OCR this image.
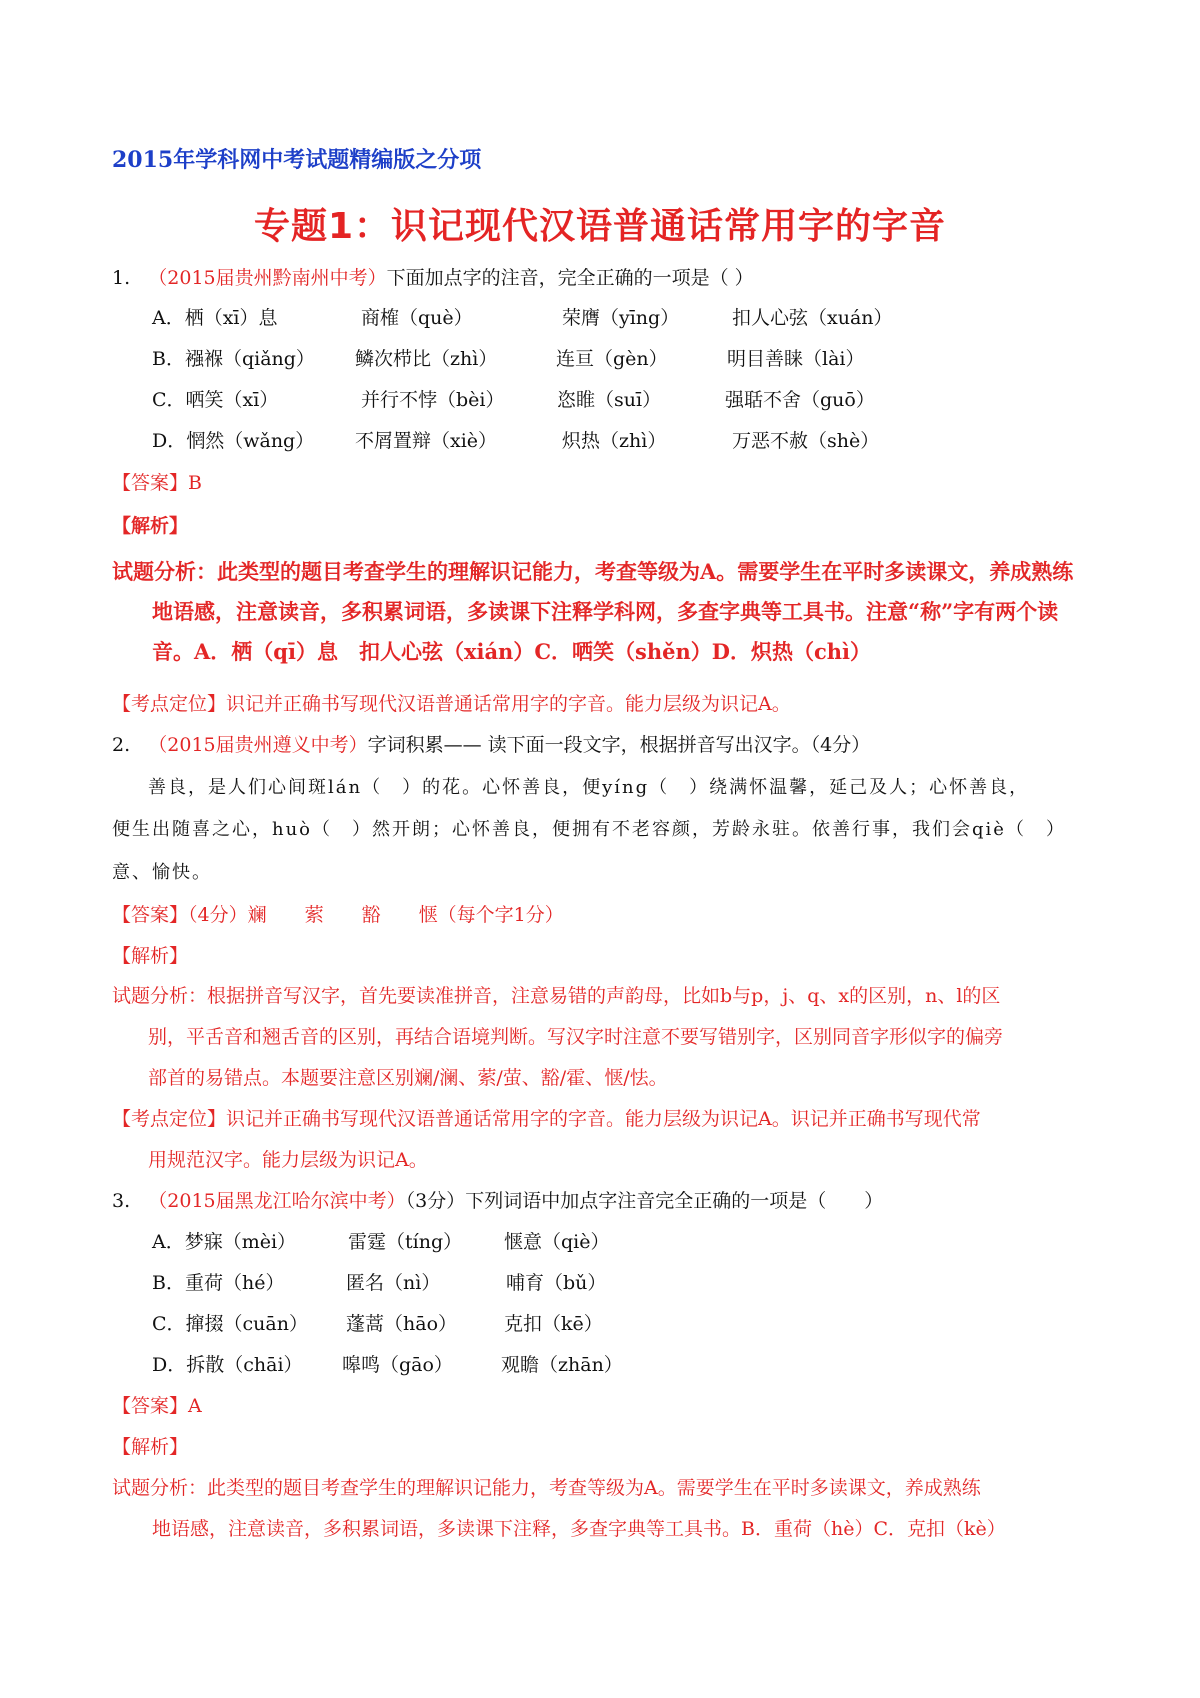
2015年学科网中考试题精编版之分项
专题1：识记现代汉语普通话常用字的字音
1. （2015届贵州黔南州中考）下面加点字的注音，完全正确的一项是（ ）
A．栖（xī）息	商榷（què）	荣膺（yīng）	扣人心弦（xuán）
B．襁褓（qiǎng） 鳞次栉比（zhì）	连亘（gèn）	明目善睐（lài）
C．哂笑（xī）	并行不悖（bèi）	恣睢（suī）	强聒不舍（guō）
D．惘然（wǎng） 不屑置辩（xiè）	炽热（zhì）	万恶不赦（shè）
【答案】B
【解析】
试题分析：此类型的题目考查学生的理解识记能力，考查等级为A。需要学生在平时多读课文，养成熟练
地语感，注意读音，多积累词语，多读课下注释学科网，多查字典等工具书。注意“称”字有两个读
音。A．栖（qī）息　扣人心弦（xián）C．哂笑（shěn）D．炽热（chì）
【考点定位】识记并正确书写现代汉语普通话常用字的字音。能力层级为识记A。
2. （2015届贵州遵义中考）字词积累—— 读下面一段文字，根据拼音写出汉字。（4分）
善良，是人们心间斑lán（　）的花。心怀善良，便yíng（　）绕满怀温馨，延己及人；心怀善良，
便生出随喜之心，huò（　）然开朗；心怀善良，便拥有不老容颜，芳龄永驻。依善行事，我们会qiè（　）
意、愉快。
【答案】（4分）斓　　萦　　豁　　惬（每个字1分）
【解析】
试题分析：根据拼音写汉字，首先要读准拼音，注意易错的声韵母，比如b与p，j、q、x的区别，n、l的区
别，平舌音和翘舌音的区别，再结合语境判断。写汉字时注意不要写错别字，区别同音字形似字的偏旁
部首的易错点。本题要注意区别斓/澜、萦/萤、豁/霍、惬/怯。
【考点定位】识记并正确书写现代汉语普通话常用字的字音。能力层级为识记A。识记并正确书写现代常
用规范汉字。能力层级为识记A。
3. （2015届黑龙江哈尔滨中考）（3分）下列词语中加点字注音完全正确的一项是（　　）
A．梦寐（mèi）	雷霆（tíng） 惬意（qiè）
B．重荷（hé）	匿名（nì）	哺育（bǔ）
C．撺掇（cuān） 蓬蒿（hāo） 克扣（kē）
D．拆散（chāi） 嗥鸣（gāo）	观瞻（zhān）
【答案】A
【解析】
试题分析：此类型的题目考查学生的理解识记能力，考查等级为A。需要学生在平时多读课文，养成熟练
地语感，注意读音，多积累词语，多读课下注释，多查字典等工具书。B．重荷（hè）C．克扣（kè）
